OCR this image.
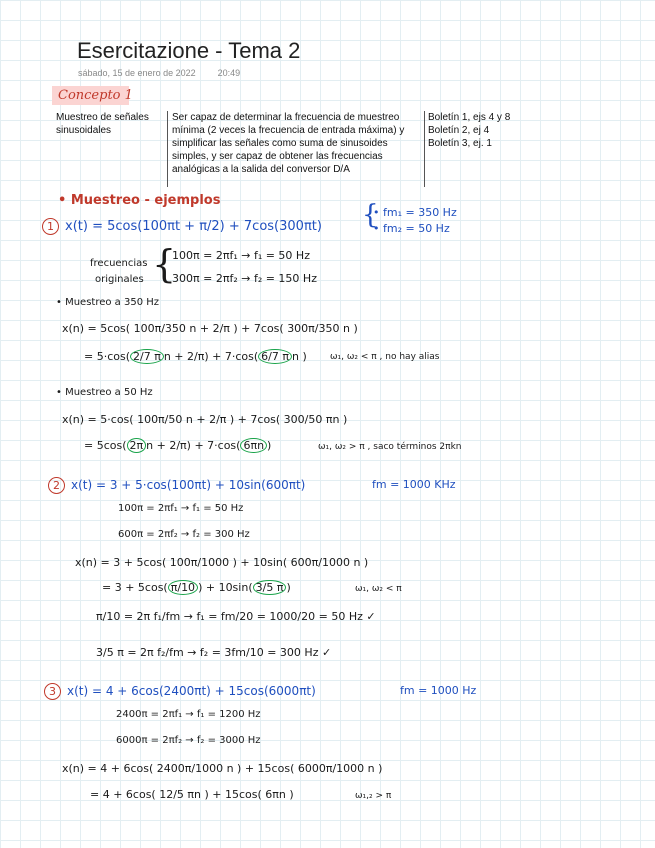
Esercitazione - Tema 2
sábado, 15 de enero de 2022 20:49
Concepto 1
Muestreo de señales sinusoidales
Ser capaz de determinar la frecuencia de muestreo mínima (2 veces la frecuencia de entrada máxima) y simplificar las señales como suma de sinusoides simples, y ser capaz de obtener las frecuencias analógicas a la salida del conversor D/A
Boletín 1, ejs 4 y 8
Boletín 2, ej 4
Boletín 3, ej. 1
• Muestreo - ejemplos
1 x(t) = 5cos(100πt + π/2) + 7cos(300πt) {
• fm₁ = 350 Hz
• fm₂ = 50 Hz
frecuencias
originales {
100π = 2πf₁ → f₁ = 50 Hz
300π = 2πf₂ → f₂ = 150 Hz
• Muestreo a 350 Hz
x(n) = 5cos( 100π/350 n + 2/π ) + 7cos( 300π/350 n )
= 5·cos( 2/7 π n + 2/π) + 7·cos( 6/7 π n )	ω₁, ω₂ < π , no hay alias
• Muestreo a 50 Hz
x(n) = 5·cos( 100π/50 n + 2/π ) + 7cos( 300/50 πn )
= 5cos( 2π n + 2/π) + 7·cos( 6πn )	ω₁, ω₂ > π , saco términos 2πkn
2 x(t) = 3 + 5·cos(100πt) + 10sin(600πt)	fm = 1000 KHz
100π = 2πf₁ → f₁ = 50 Hz
600π = 2πf₂ → f₂ = 300 Hz
x(n) = 3 + 5cos( 100π/1000 ) + 10sin( 600π/1000 n )
= 3 + 5cos( π/10 ) + 10sin( 3/5 π )	ω₁, ω₂ < π
π/10 = 2π f₁/fm → f₁ = fm/20 = 1000/20 = 50 Hz ✓
3/5 π = 2π f₂/fm → f₂ = 3fm/10 = 300 Hz ✓
3 x(t) = 4 + 6cos(2400πt) + 15cos(6000πt)	fm = 1000 Hz
2400π = 2πf₁ → f₁ = 1200 Hz
6000π = 2πf₂ → f₂ = 3000 Hz
x(n) = 4 + 6cos( 2400π/1000 n ) + 15cos( 6000π/1000 n )
= 4 + 6cos( 12/5 πn ) + 15cos( 6πn )	ω₁,₂ > π
